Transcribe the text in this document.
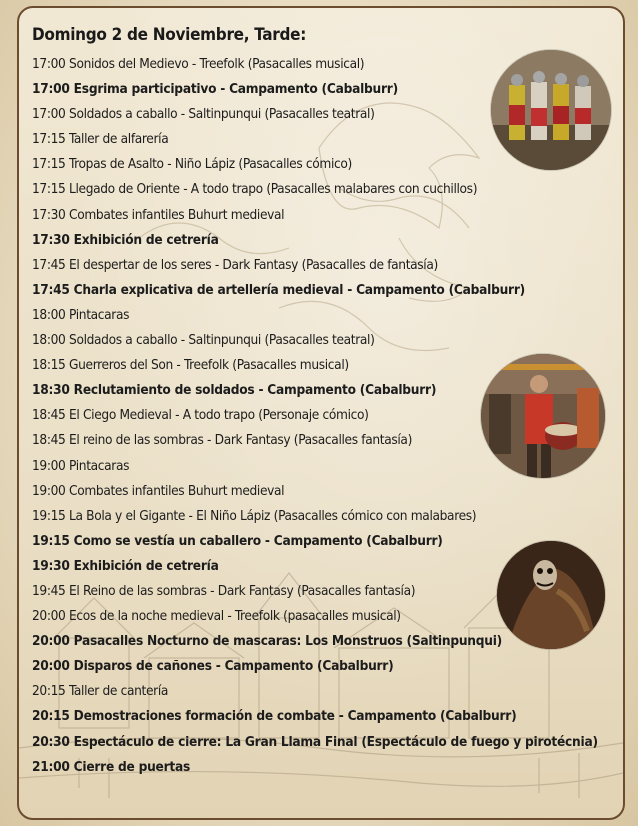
Domingo 2 de Noviembre, Tarde:
17:00 Sonidos del Medievo - Treefolk (Pasacalles musical)
17:00 Esgrima participativo - Campamento (Cabalburr)
17:00 Soldados a caballo - Saltinpunqui (Pasacalles teatral)
17:15 Taller de alfarería
17:15 Tropas de Asalto - Niño Lápiz (Pasacalles cómico)
17:15 Llegado de Oriente - A todo trapo (Pasacalles malabares con cuchillos)
17:30 Combates infantiles Buhurt medieval
17:30 Exhibición de cetrería
17:45 El despertar de los seres - Dark Fantasy (Pasacalles de fantasía)
17:45 Charla explicativa de artellería medieval - Campamento (Cabalburr)
18:00 Pintacaras
18:00 Soldados a caballo - Saltinpunqui (Pasacalles teatral)
18:15 Guerreros del Son - Treefolk (Pasacalles musical)
18:30 Reclutamiento de soldados - Campamento (Cabalburr)
18:45 El Ciego Medieval - A todo trapo (Personaje cómico)
18:45 El reino de las sombras - Dark Fantasy (Pasacalles fantasía)
19:00 Pintacaras
19:00 Combates infantiles Buhurt medieval
19:15 La Bola y el Gigante - El Niño Lápiz (Pasacalles cómico con malabares)
19:15 Como se vestía un caballero - Campamento (Cabalburr)
19:30 Exhibición de cetrería
19:45 El Reino de las sombras - Dark Fantasy (Pasacalles fantasía)
20:00 Ecos de la noche medieval - Treefolk (pasacalles musical)
20:00 Pasacalles Nocturno de mascaras: Los Monstruos (Saltinpunqui)
20:00 Disparos de cañones - Campamento (Cabalburr)
20:15 Taller de cantería
20:15 Demostraciones formación de combate - Campamento (Cabalburr)
20:30 Espectáculo de cierre: La Gran Llama Final (Espectáculo de fuego y pirotécnia)
21:00 Cierre de puertas
